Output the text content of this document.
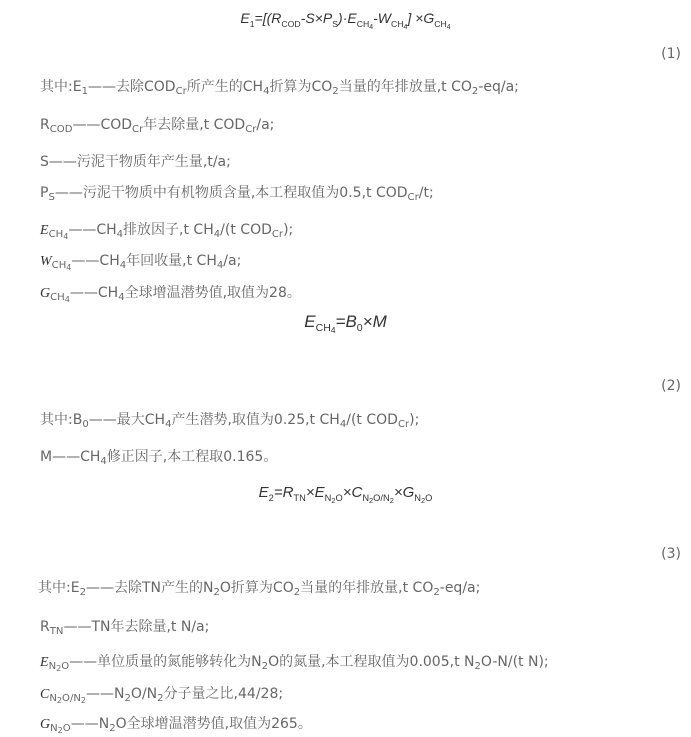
$E_1=[(R_{COD}-S\times P_S)\cdot E_{CH_4}-W_{CH_4}] \times G_{CH_4}$
(1)
其中$:E_1——$去除$COD_{Cr}$所产生的$CH_4$折算为$CO_2$当量的年排放量,t $CO_2-eq/a$;
$R_{COD}——COD_{Cr}$年去除量,t $COD_{Cr}/a$;
S——污泥干物质年产生量,t/a;
$P_S——$污泥干物质中有机物质含量,本工程取值为0.5,t $COD_{Cr}/t$;
$E_{CH4}——CH_4$排放因子,t $CH_4/(t$ $COD_{Cr}$);
$W_{CH4}——CH_4$年回收量,t $CH_4/a$;
$G_{CH4}——CH_4$全球增温潜势值,取值为28。
$E_{CH4}=B_0\times M$
(2)
其中$:B_0——$最大$CH_4$产生潜势,取值为0.25,t $CH_4/(t$ $COD_{Cr}$);
$M——CH_4$修正因子,本工程取0.165。
$E_2=R_{TN}\times E_{N_2O}\times C_{N_2O/N_2}\times G_{N_2O}$
(3)
其中$:E_2——$去除TN产生的$N_2O$折算为$CO_2$当量的年排放量,t $CO_2-eq/a$;
$R_{TN}——TN$年去除量,t N/a;
$E_{N2O}——$单位质量的氮能够转化为$N_2O$的氮量,本工程取值为0.005,t $N_2O-N/(t$ N);
$C_{N2O/N2}——N_2O/N_2$分子量之比,44/28;
$G_{N2O}——N_2O$全球增温潜势值,取值为265。
